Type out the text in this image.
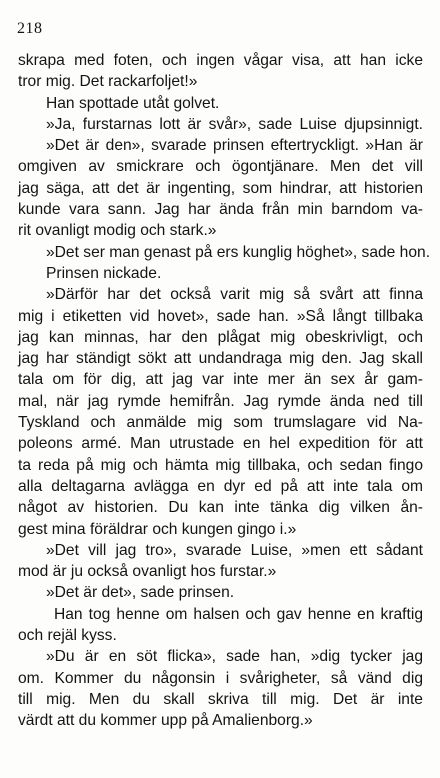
218
skrapa med foten, och ingen vågar visa, att han icke
tror mig. Det rackarfoljet!»
Han spottade utåt golvet.
»Ja, furstarnas lott är svår», sade Luise djupsinnigt.
»Det är den», svarade prinsen eftertryckligt. »Han är
omgiven av smickrare och ögontjänare. Men det vill
jag säga, att det är ingenting, som hindrar, att historien
kunde vara sann. Jag har ända från min barndom va-
rit ovanligt modig och stark.»
»Det ser man genast på ers kunglig höghet», sade hon.
Prinsen nickade.
»Därför har det också varit mig så svårt att finna
mig i etiketten vid hovet», sade han. »Så långt tillbaka
jag kan minnas, har den plågat mig obeskrivligt, och
jag har ständigt sökt att undandraga mig den. Jag skall
tala om för dig, att jag var inte mer än sex år gam-
mal, när jag rymde hemifrån. Jag rymde ända ned till
Tyskland och anmälde mig som trumslagare vid Na-
poleons armé. Man utrustade en hel expedition för att
ta reda på mig och hämta mig tillbaka, och sedan fingo
alla deltagarna avlägga en dyr ed på att inte tala om
något av historien. Du kan inte tänka dig vilken ån-
gest mina föräldrar och kungen gingo i.»
»Det vill jag tro», svarade Luise, »men ett sådant
mod är ju också ovanligt hos furstar.»
»Det är det», sade prinsen.
Han tog henne om halsen och gav henne en kraftig
och rejäl kyss.
»Du är en söt flicka», sade han, »dig tycker jag
om. Kommer du någonsin i svårigheter, så vänd dig
till mig. Men du skall skriva till mig. Det är inte
värdt att du kommer upp på Amalienborg.»
